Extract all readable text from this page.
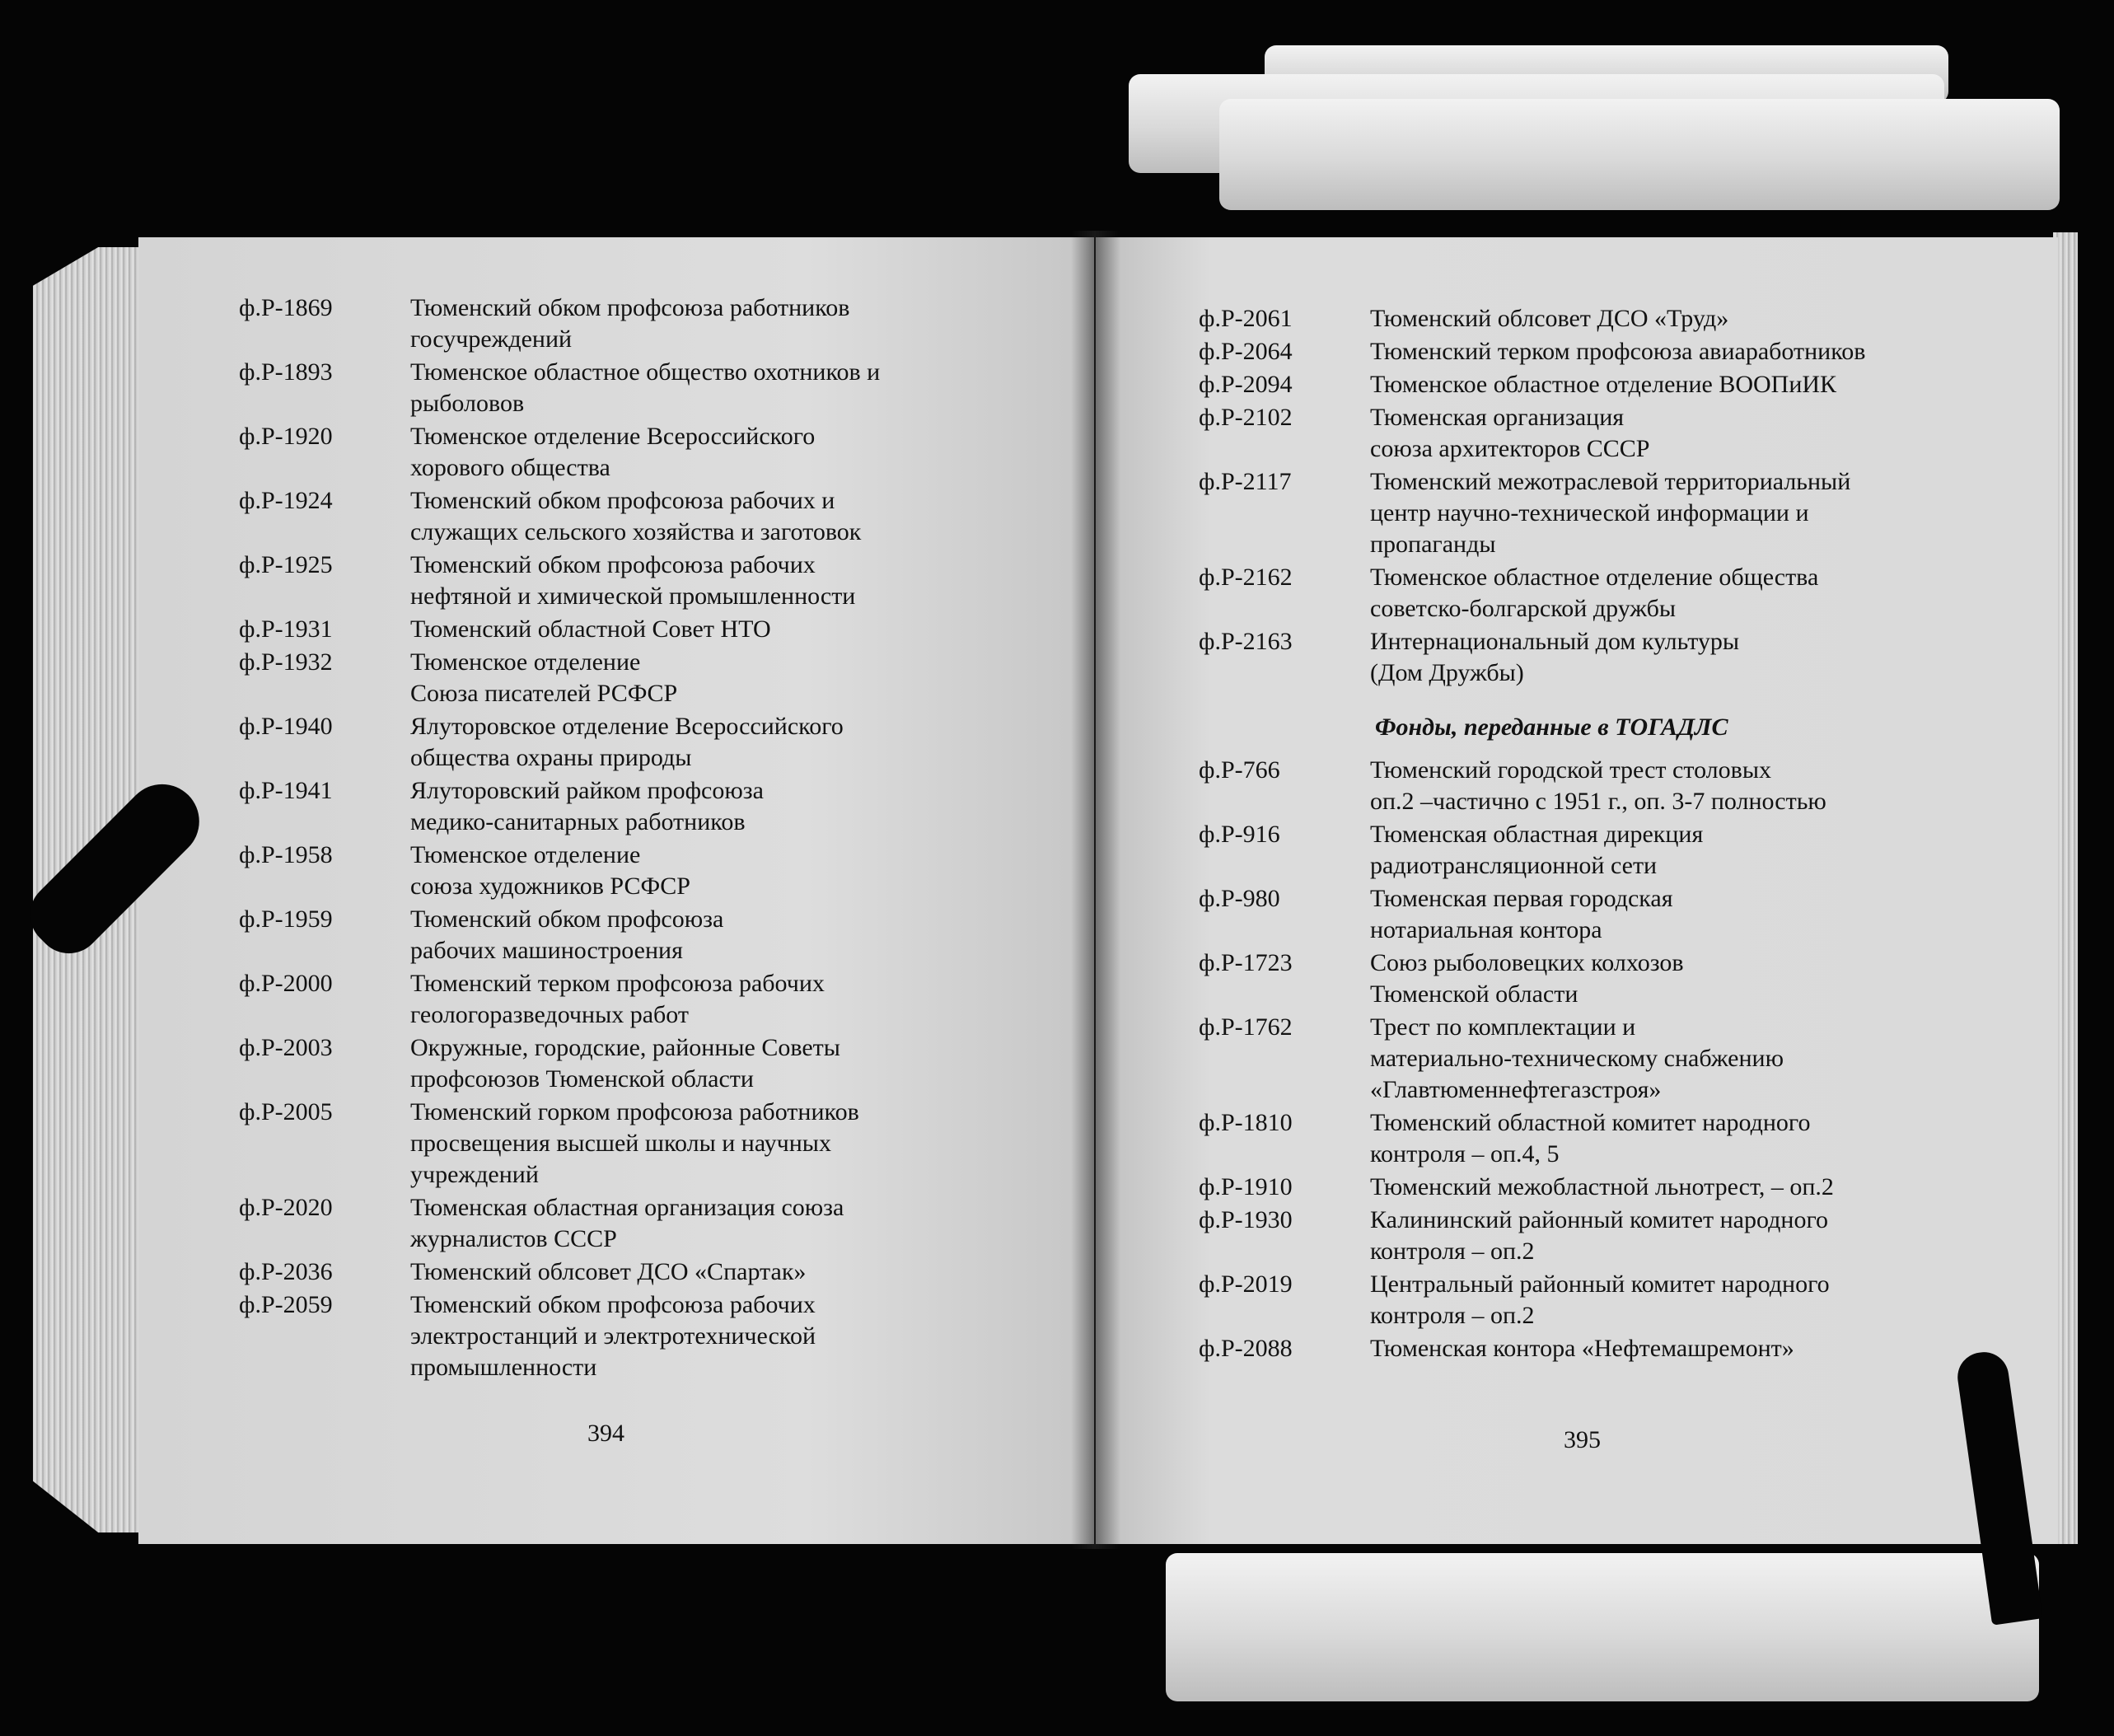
ф.Р-1869	Тюменский обком профсоюза работников
госучреждений
ф.Р-1893	Тюменское областное общество охотников и
рыболовов
ф.Р-1920	Тюменское отделение Всероссийского
хорового общества
ф.Р-1924	Тюменский обком профсоюза рабочих и
служащих сельского хозяйства и заготовок
ф.Р-1925	Тюменский обком профсоюза рабочих
нефтяной и химической промышленности
ф.Р-1931	Тюменский областной Совет НТО
ф.Р-1932	Тюменское отделение
Союза писателей РСФСР
ф.Р-1940	Ялуторовское отделение Всероссийского
общества охраны природы
ф.Р-1941	Ялуторовский райком профсоюза
медико-санитарных работников
ф.Р-1958	Тюменское отделение
союза художников РСФСР
ф.Р-1959	Тюменский обком профсоюза
рабочих машиностроения
ф.Р-2000	Тюменский терком профсоюза рабочих
геологоразведочных работ
ф.Р-2003	Окружные, городские, районные Советы
профсоюзов Тюменской области
ф.Р-2005	Тюменский горком профсоюза работников
просвещения высшей школы и научных
учреждений
ф.Р-2020	Тюменская областная организация союза
журналистов СССР
ф.Р-2036	Тюменский облсовет ДСО «Спартак»
ф.Р-2059	Тюменский обком профсоюза рабочих
электростанций и электротехнической
промышленности
394
ф.Р-2061	Тюменский облсовет ДСО «Труд»
ф.Р-2064	Тюменский терком профсоюза авиаработников
ф.Р-2094	Тюменское областное отделение ВООПиИК
ф.Р-2102	Тюменская организация
союза архитекторов СССР
ф.Р-2117	Тюменский межотраслевой территориальный
центр научно-технической информации и
пропаганды
ф.Р-2162	Тюменское областное отделение общества
советско-болгарской дружбы
ф.Р-2163	Интернациональный дом культуры
(Дом Дружбы)
Фонды, переданные в ТОГАДЛС
ф.Р-766	Тюменский городской трест столовых
оп.2 –частично с 1951 г., оп. 3-7 полностью
ф.Р-916	Тюменская областная дирекция
радиотрансляционной сети
ф.Р-980	Тюменская первая городская
нотариальная контора
ф.Р-1723	Союз рыболовецких колхозов
Тюменской области
ф.Р-1762	Трест по комплектации и
материально-техническому снабжению
«Главтюменнефтегазстроя»
ф.Р-1810	Тюменский областной комитет народного
контроля – оп.4, 5
ф.Р-1910	Тюменский межобластной льнотрест, – оп.2
ф.Р-1930	Калининский районный комитет народного
контроля – оп.2
ф.Р-2019	Центральный районный комитет народного
контроля – оп.2
ф.Р-2088	Тюменская контора «Нефтемашремонт»
395
